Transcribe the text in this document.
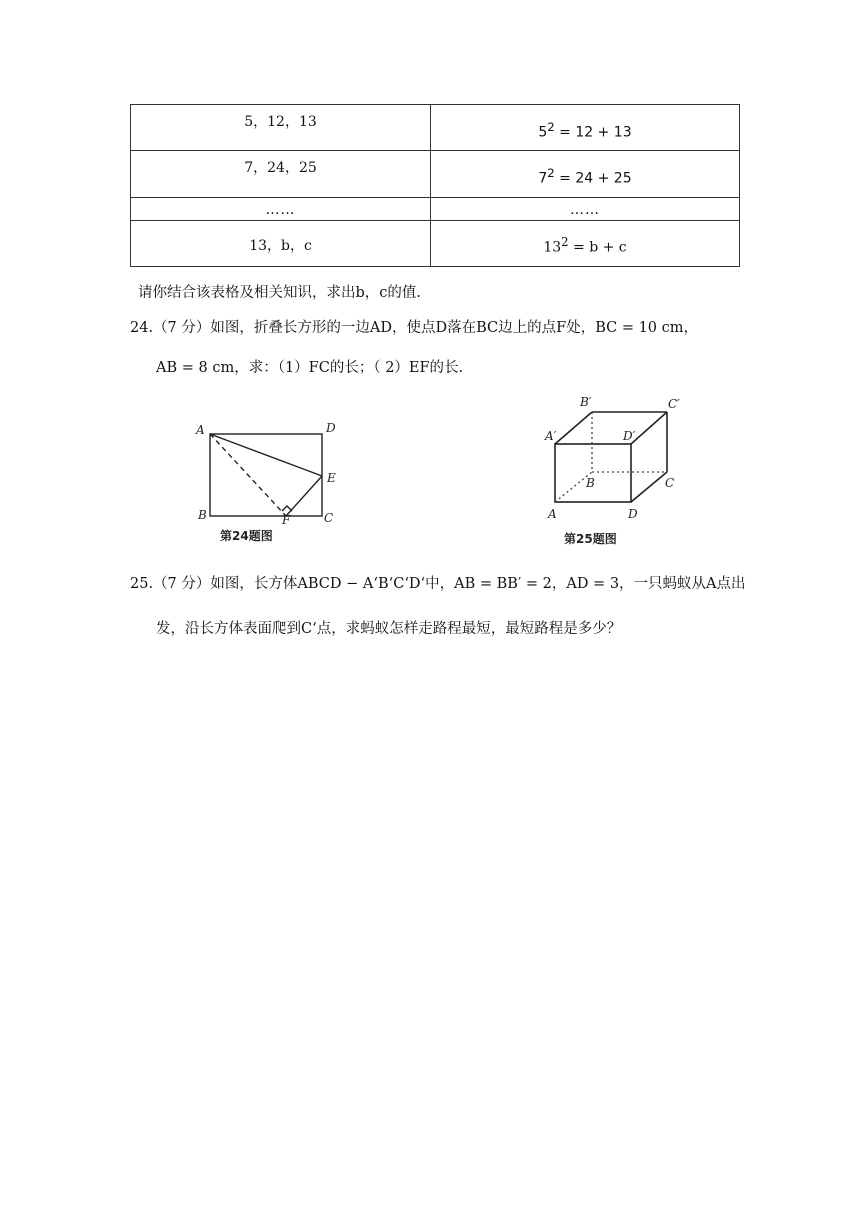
5，12，13	$5^2 = 12 + 13$
7，24，25	$7^2 = 24 + 25$
……	……
13，b，c	$13^2 = b + c$
请你结合该表格及相关知识，求出b，c的值.
24.（7 分）如图，折叠长方形的一边AD，使点D落在BC边上的点F处，BC = 10 cm，
AB = 8 cm，求：（1）FC的长；（ 2）EF的长.
A	D
E
B	F	C
第24题图
B′	C′
A′	D′
B	C
A	D
第25题图
25.（7 分）如图，长方体ABCD − A‘B‘C‘D‘中，AB = BB′ = 2，AD = 3，一只蚂蚁从A点出
发，沿长方体表面爬到C‘点，求蚂蚁怎样走路程最短，最短路程是多少？
